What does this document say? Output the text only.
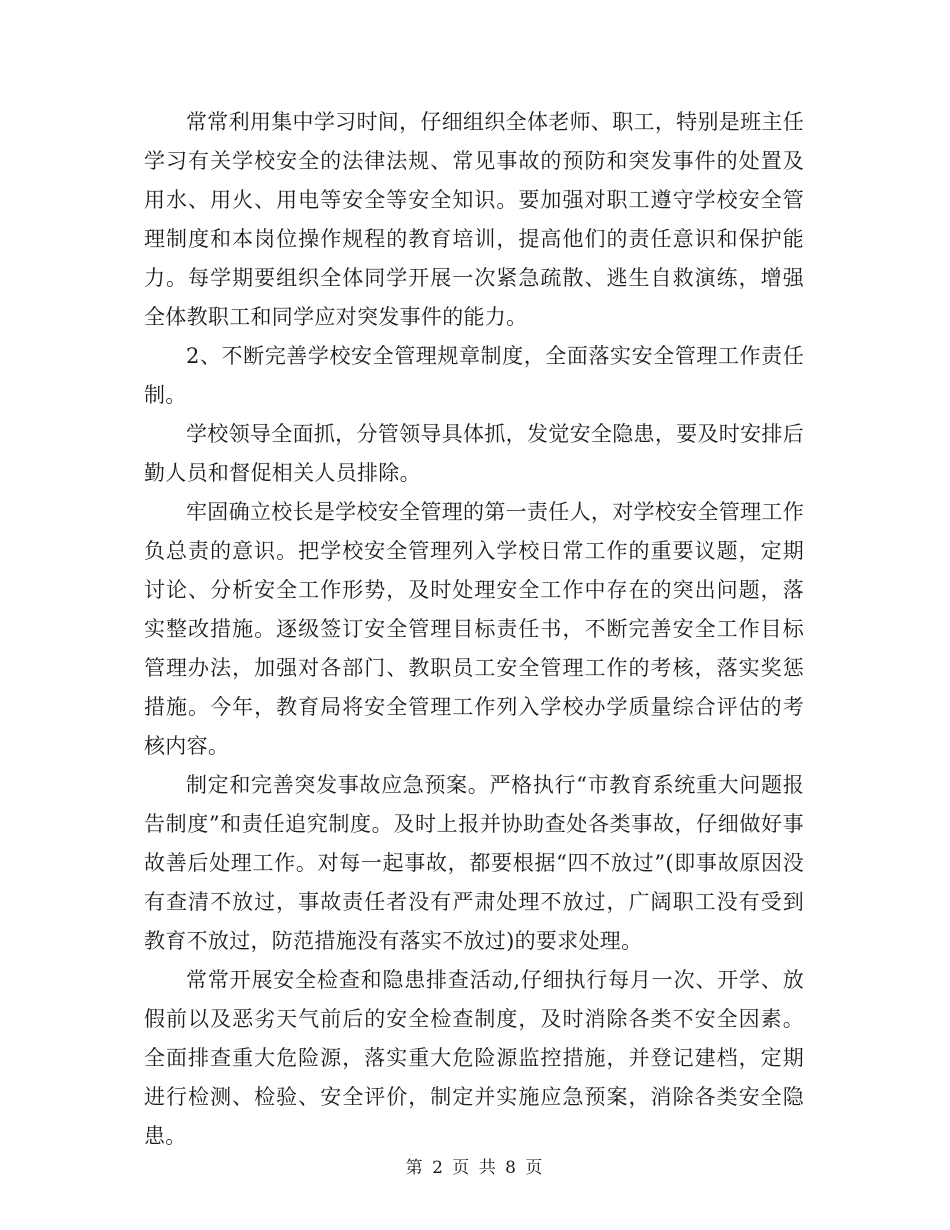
常常利用集中学习时间，仔细组织全体老师、职工，特别是班主任学习有关学校安全的法律法规、常见事故的预防和突发事件的处置及用水、用火、用电等安全等安全知识。要加强对职工遵守学校安全管理制度和本岗位操作规程的教育培训，提高他们的责任意识和保护能力。每学期要组织全体同学开展一次紧急疏散、逃生自救演练，增强全体教职工和同学应对突发事件的能力。

2、不断完善学校安全管理规章制度，全面落实安全管理工作责任制。

学校领导全面抓，分管领导具体抓，发觉安全隐患，要及时安排后勤人员和督促相关人员排除。

牢固确立校长是学校安全管理的第一责任人，对学校安全管理工作负总责的意识。把学校安全管理列入学校日常工作的重要议题，定期讨论、分析安全工作形势，及时处理安全工作中存在的突出问题，落实整改措施。逐级签订安全管理目标责任书，不断完善安全工作目标管理办法，加强对各部门、教职员工安全管理工作的考核，落实奖惩措施。今年，教育局将安全管理工作列入学校办学质量综合评估的考核内容。

制定和完善突发事故应急预案。严格执行“市教育系统重大问题报告制度”和责任追究制度。及时上报并协助查处各类事故，仔细做好事故善后处理工作。对每一起事故，都要根据“四不放过”(即事故原因没有查清不放过，事故责任者没有严肃处理不放过，广阔职工没有受到教育不放过，防范措施没有落实不放过)的要求处理。

常常开展安全检查和隐患排查活动,仔细执行每月一次、开学、放假前以及恶劣天气前后的安全检查制度，及时消除各类不安全因素。全面排查重大危险源，落实重大危险源监控措施，并登记建档，定期进行检测、检验、安全评价，制定并实施应急预案，消除各类安全隐患。

第 2 页 共 8 页
